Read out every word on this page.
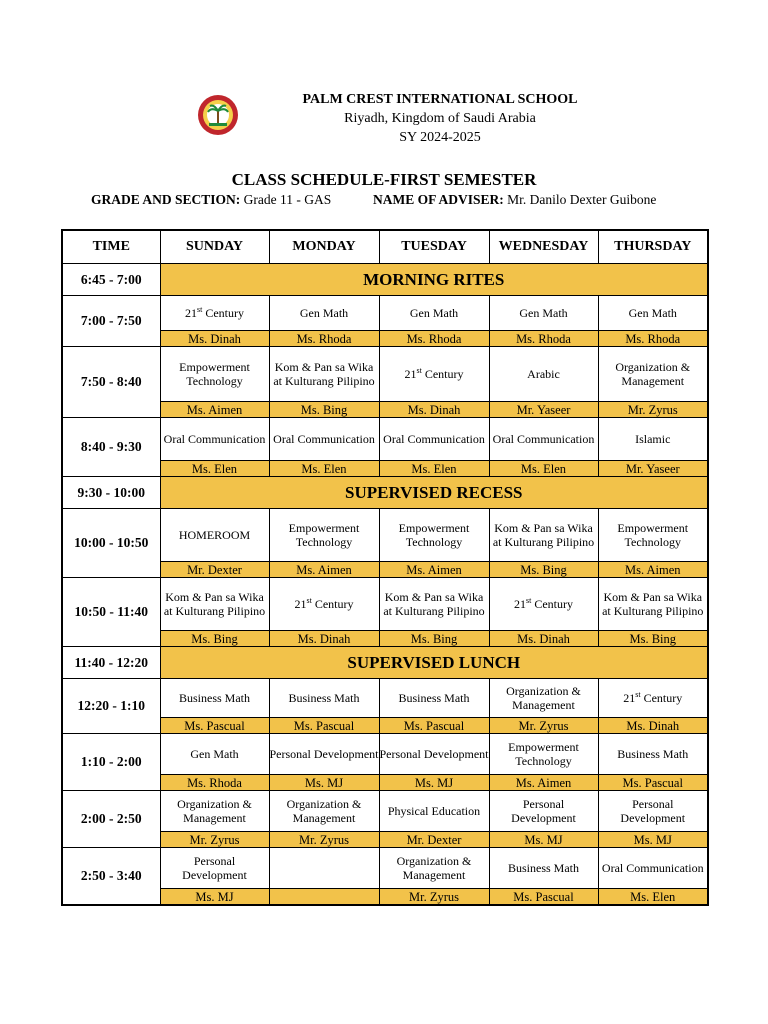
PALM CREST INTERNATIONAL SCHOOL
Riyadh, Kingdom of Saudi Arabia
SY 2024-2025
CLASS SCHEDULE-FIRST SEMESTER
GRADE AND SECTION: Grade 11 - GAS	NAME OF ADVISER: Mr. Danilo Dexter Guibone
TIME	SUNDAY	MONDAY	TUESDAY	WEDNESDAY	THURSDAY
6:45 - 7:00	MORNING RITES				
7:00 - 7:50	21st Century	Gen Math	Gen Math	Gen Math	Gen Math
	Ms. Dinah	Ms. Rhoda	Ms. Rhoda	Ms. Rhoda	Ms. Rhoda
7:50 - 8:40	Empowerment Technology	Kom & Pan sa Wika at Kulturang Pilipino	21st Century	Arabic	Organization & Management
	Ms. Aimen	Ms. Bing	Ms. Dinah	Mr. Yaseer	Mr. Zyrus
8:40 - 9:30	Oral Communication	Oral Communication	Oral Communication	Oral Communication	Islamic
	Ms. Elen	Ms. Elen	Ms. Elen	Ms. Elen	Mr. Yaseer
9:30 - 10:00	SUPERVISED RECESS				
10:00 - 10:50	HOMEROOM	Empowerment Technology	Empowerment Technology	Kom & Pan sa Wika at Kulturang Pilipino	Empowerment Technology
	Mr. Dexter	Ms. Aimen	Ms. Aimen	Ms. Bing	Ms. Aimen
10:50 - 11:40	Kom & Pan sa Wika at Kulturang Pilipino	21st Century	Kom & Pan sa Wika at Kulturang Pilipino	21st Century	Kom & Pan sa Wika at Kulturang Pilipino
	Ms. Bing	Ms. Dinah	Ms. Bing	Ms. Dinah	Ms. Bing
11:40 - 12:20	SUPERVISED LUNCH				
12:20 - 1:10	Business Math	Business Math	Business Math	Organization & Management	21st Century
	Ms. Pascual	Ms. Pascual	Ms. Pascual	Mr. Zyrus	Ms. Dinah
1:10 - 2:00	Gen Math	Personal Development	Personal Development	Empowerment Technology	Business Math
	Ms. Rhoda	Ms. MJ	Ms. MJ	Ms. Aimen	Ms. Pascual
2:00 - 2:50	Organization & Management	Organization & Management	Physical Education	Personal Development	Personal Development
	Mr. Zyrus	Mr. Zyrus	Mr. Dexter	Ms. MJ	Ms. MJ
2:50 - 3:40	Personal Development		Organization & Management	Business Math	Oral Communication
	Ms. MJ		Mr. Zyrus	Ms. Pascual	Ms. Elen
